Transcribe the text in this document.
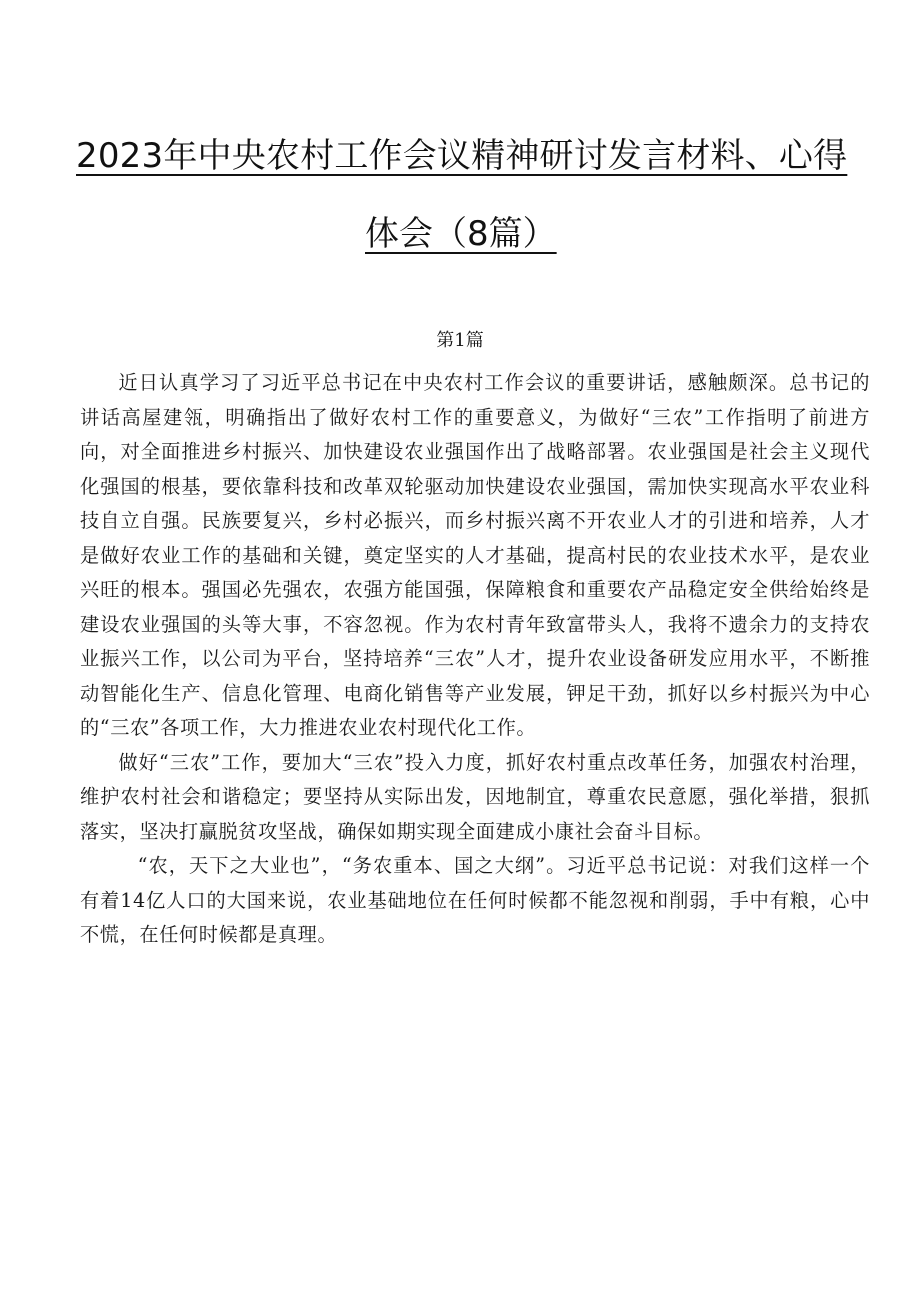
2023年中央农村工作会议精神研讨发言材料、心得
体会（8篇）
第1篇

近日认真学习了习近平总书记在中央农村工作会议的重要讲话，感触颇深。总书记的讲话高屋建瓴，明确指出了做好农村工作的重要意义，为做好“三农”工作指明了前进方向，对全面推进乡村振兴、加快建设农业强国作出了战略部署。农业强国是社会主义现代化强国的根基，要依靠科技和改革双轮驱动加快建设农业强国，需加快实现高水平农业科技自立自强。民族要复兴，乡村必振兴，而乡村振兴离不开农业人才的引进和培养，人才是做好农业工作的基础和关键，奠定坚实的人才基础，提高村民的农业技术水平，是农业兴旺的根本。强国必先强农，农强方能国强，保障粮食和重要农产品稳定安全供给始终是建设农业强国的头等大事，不容忽视。作为农村青年致富带头人，我将不遗余力的支持农业振兴工作，以公司为平台，坚持培养“三农”人才，提升农业设备研发应用水平，不断推动智能化生产、信息化管理、电商化销售等产业发展，钾足干劲，抓好以乡村振兴为中心的“三农”各项工作，大力推进农业农村现代化工作。

做好“三农”工作，要加大“三农”投入力度，抓好农村重点改革任务，加强农村治理，维护农村社会和谐稳定；要坚持从实际出发，因地制宜，尊重农民意愿，强化举措，狠抓落实，坚决打赢脱贫攻坚战，确保如期实现全面建成小康社会奋斗目标。

“农，天下之大业也”，“务农重本、国之大纲”。习近平总书记说：对我们这样一个有着14亿人口的大国来说，农业基础地位在任何时候都不能忽视和削弱，手中有粮，心中不慌，在任何时候都是真理。
